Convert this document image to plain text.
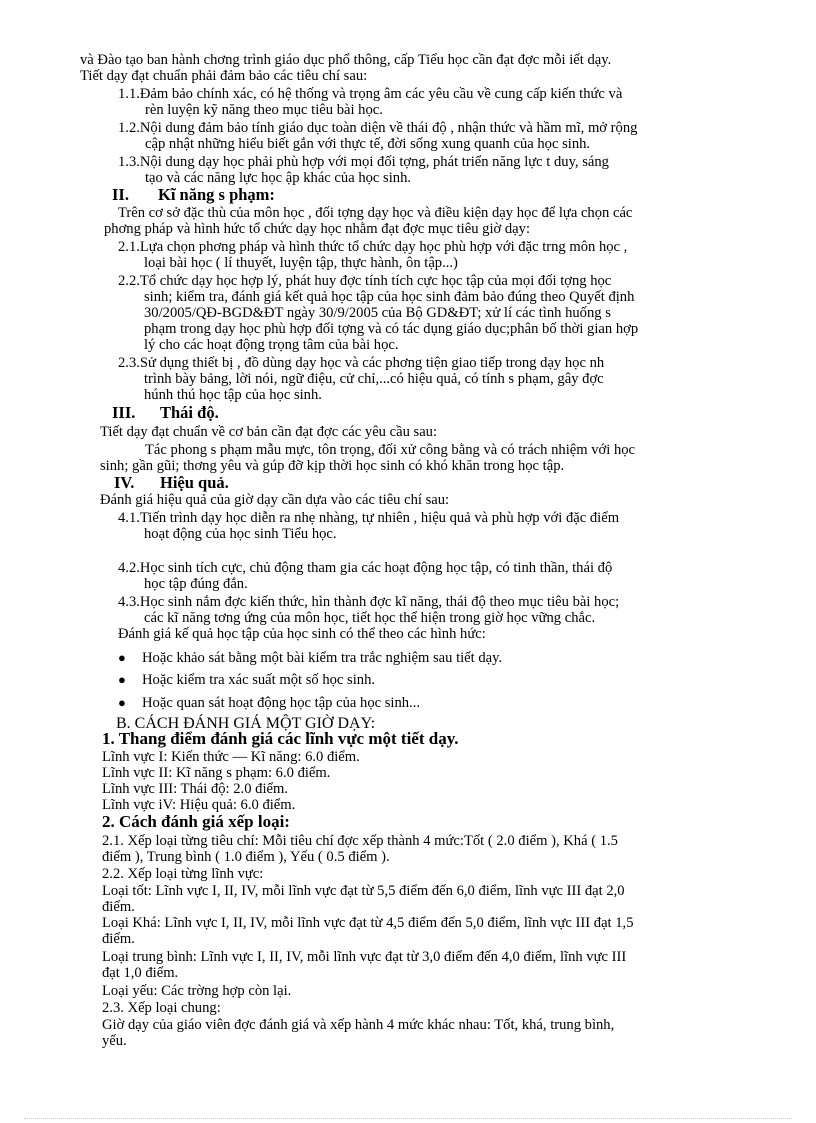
và Đào tạo ban hành chơng trình giáo dục phổ thông, cấp Tiểu học cần đạt đợc mỗi iết dạy.
Tiết dạy đạt chuẩn phải đảm bảo các tiêu chí sau:
1.1.Đảm bảo chính xác, có hệ thống và trọng âm các yêu cầu về cung cấp kiến thức và
rèn luyện kỹ năng theo mục tiêu bài học.
1.2.Nội dung đảm bảo tính giáo dục toàn diện về thái độ , nhận thức và hầm mĩ, mở rộng
cập nhật những hiểu biết gắn với thực tế, đời sống xung quanh của học sinh.
1.3.Nội dung dạy học phải phù hợp với mọi đối tợng, phát triển năng lực t duy, sáng
tạo và các năng lực học ập khác của học sinh.
II. Kĩ năng s phạm:
Trên cơ sở đặc thù của môn học , đối tợng dạy học và điều kiện dạy học để lựa chọn các
phơng pháp và hình hức tổ chức dạy học nhằm đạt đợc mục tiêu giờ dạy:
2.1.Lựa chọn phơng pháp và hình thức tổ chức dạy học phù hợp với đặc trng môn học ,
loại bài học ( lí thuyết, luyện tập, thực hành, ôn tập...)
2.2.Tổ chức dạy học hợp lý, phát huy đợc tính tích cực học tập của mọi đối tợng học
sinh; kiểm tra, đánh giá kết quả học tập của học sinh đảm bảo đúng theo Quyết định
30/2005/QĐ-BGD&ĐT ngày 30/9/2005 của Bộ GD&ĐT; xử lí các tình huống s
phạm trong dạy học phù hợp đối tợng và có tác dụng giáo dục;phân bố thời gian hợp
lý cho các hoạt động trọng tâm của bài học.
2.3.Sử dụng thiết bị , đồ dùng dạy học và các phơng tiện giao tiếp trong dạy học nh
trình bày bảng, lời nói, ngữ điệu, cử chỉ,...có hiệu quả, có tính s phạm, gây đợc
húnh thú học tập của học sinh.
III. Thái độ.
Tiết dạy đạt chuẩn về cơ bản cần đạt đợc các yêu cầu sau:
Tác phong s phạm mẫu mực, tôn trọng, đối xử công bằng và có trách nhiệm với học
sinh; gần gũi; thơng yêu và gúp đỡ kịp thời học sinh có khó khăn trong học tập.
IV. Hiệu quả.
Đánh giá hiệu quả của giờ dạy cần dựa vào các tiêu chí sau:
4.1.Tiến trình dạy học diễn ra nhẹ nhàng, tự nhiên , hiệu quả và phù hợp với đặc điểm
hoạt động của học sinh Tiểu học.
4.2.Học sinh tích cực, chủ động tham gia các hoạt động học tập, có tinh thần, thái độ
học tập đúng đắn.
4.3.Học sinh nắm đợc kiến thức, hìn thành đợc kĩ năng, thái độ theo mục tiêu bài học;
các kĩ năng tơng ứng của môn học, tiết học thể hiện trong giờ học vững chắc.
Đánh giá kế quả học tập của học sinh có thể theo các hình hức:
● Hoặc khảo sát bằng một bài kiểm tra trắc nghiệm sau tiết dạy.
● Hoặc kiểm tra xác suất một số học sinh.
● Hoặc quan sát hoạt động học tập của học sinh...
B. CÁCH ĐÁNH GIÁ MỘT GIỜ DẠY:
1. Thang điểm đánh giá các lĩnh vực một tiết dạy.
Lĩnh vực I: Kiến thức — Kĩ năng: 6.0 điểm.
Lĩnh vực II: Kĩ năng s phạm: 6.0 điểm.
Lĩnh vực III: Thái độ: 2.0 điểm.
Lĩnh vực iV: Hiệu quả: 6.0 điểm.
2. Cách đánh giá xếp loại:
2.1. Xếp loại từng tiêu chí: Mỗi tiêu chí đợc xếp thành 4 mức:Tốt ( 2.0 điểm ), Khá ( 1.5
điểm ), Trung bình ( 1.0 điểm ), Yếu ( 0.5 điểm ).
2.2. Xếp loại từng lĩnh vực:
Loại tốt: Lĩnh vực I, II, IV, mỗi lĩnh vực đạt từ 5,5 điểm đến 6,0 điểm, lĩnh vực III đạt 2,0
điểm.
Loại Khá: Lĩnh vực I, II, IV, mỗi lĩnh vực đạt từ 4,5 điểm đến 5,0 điểm, lĩnh vực III đạt 1,5
điểm.
Loại trung bình: Lĩnh vực I, II, IV, mỗi lĩnh vực đạt từ 3,0 điểm đến 4,0 điểm, lĩnh vực III
đạt 1,0 điểm.
Loại yếu: Các trờng hợp còn lại.
2.3. Xếp loại chung:
Giờ dạy của giáo viên đợc đánh giá và xếp hành 4 mức khác nhau: Tốt, khá, trung bình,
yếu.
